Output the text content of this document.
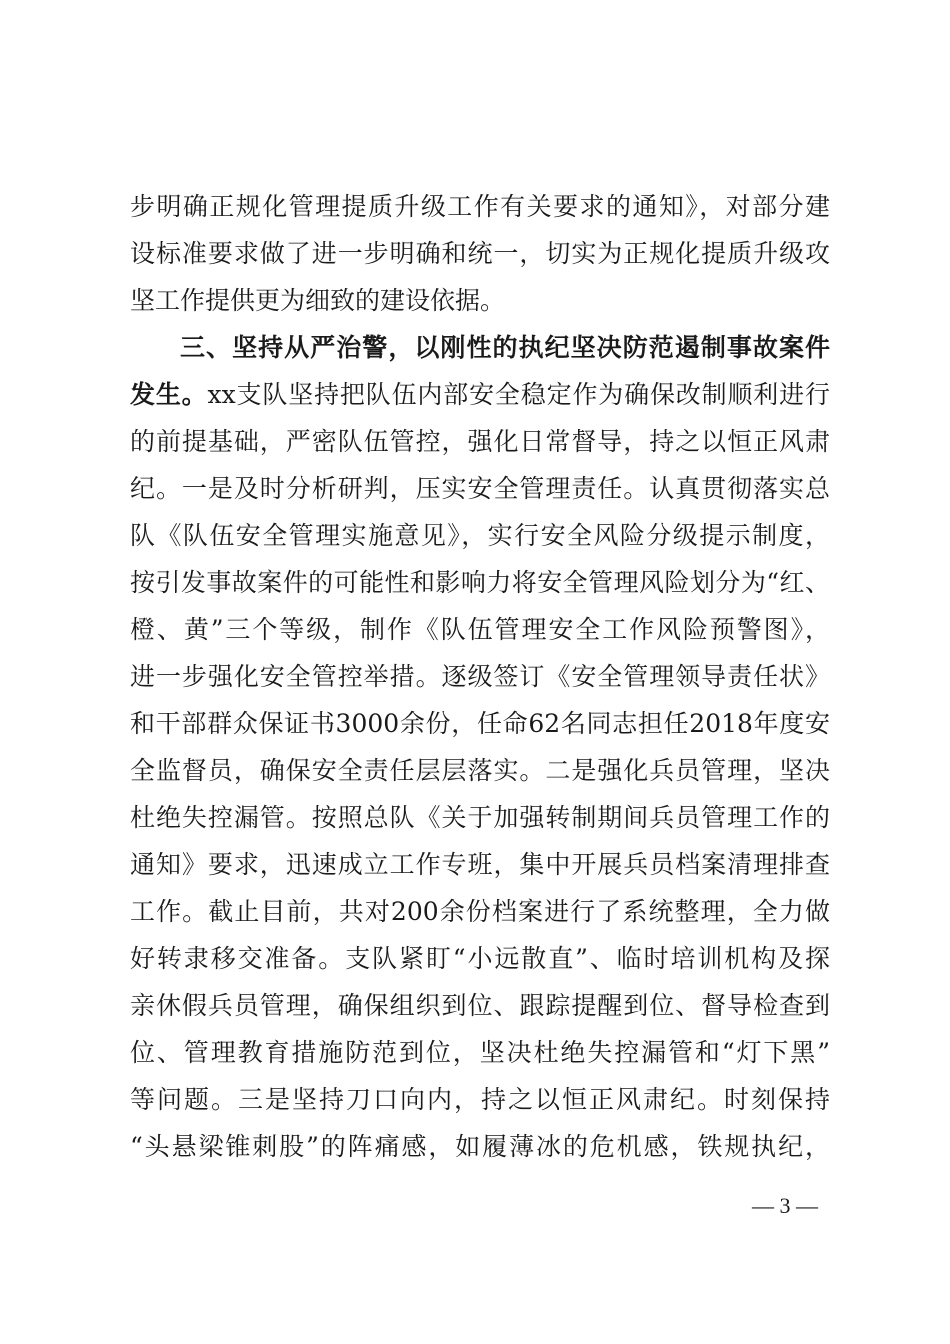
步明确正规化管理提质升级工作有关要求的通知》，对部分建
设标准要求做了进一步明确和统一，切实为正规化提质升级攻
坚工作提供更为细致的建设依据。
三、坚持从严治警，以刚性的执纪坚决防范遏制事故案件
发生。xx支队坚持把队伍内部安全稳定作为确保改制顺利进行
的前提基础，严密队伍管控，强化日常督导，持之以恒正风肃
纪。一是及时分析研判，压实安全管理责任。认真贯彻落实总
队《队伍安全管理实施意见》，实行安全风险分级提示制度，
按引发事故案件的可能性和影响力将安全管理风险划分为“红、
橙、黄”三个等级，制作《队伍管理安全工作风险预警图》，
进一步强化安全管控举措。逐级签订《安全管理领导责任状》
和干部群众保证书3000余份，任命62名同志担任2018年度安
全监督员，确保安全责任层层落实。二是强化兵员管理，坚决
杜绝失控漏管。按照总队《关于加强转制期间兵员管理工作的
通知》要求，迅速成立工作专班，集中开展兵员档案清理排查
工作。截止目前，共对200余份档案进行了系统整理，全力做
好转隶移交准备。支队紧盯“小远散直”、临时培训机构及探
亲休假兵员管理，确保组织到位、跟踪提醒到位、督导检查到
位、管理教育措施防范到位，坚决杜绝失控漏管和“灯下黑”
等问题。三是坚持刀口向内，持之以恒正风肃纪。时刻保持
“头悬梁锥刺股”的阵痛感，如履薄冰的危机感，铁规执纪，
— 3 —
